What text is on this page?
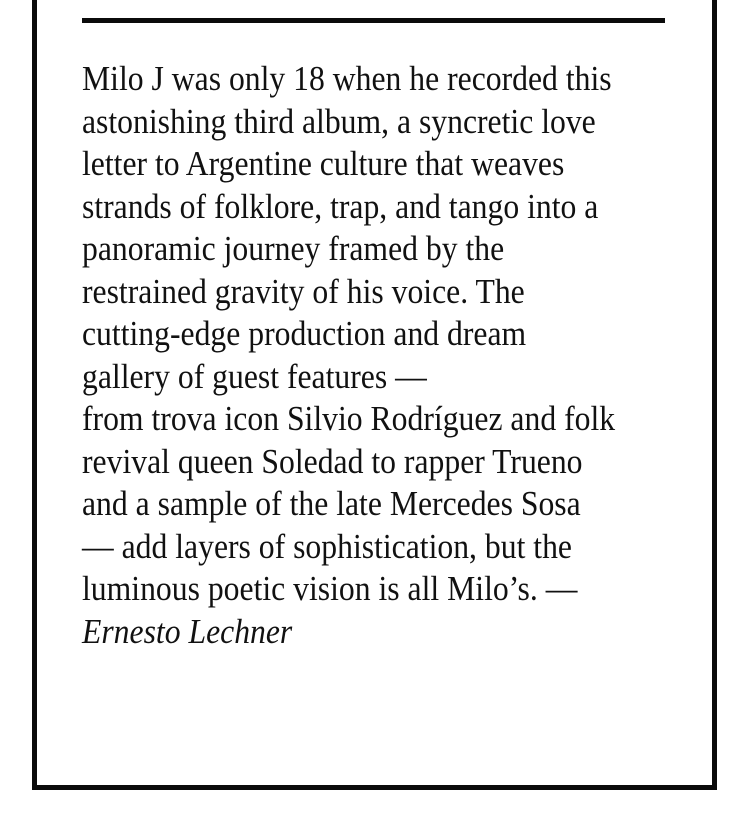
Milo J was only 18 when he recorded this
astonishing third album, a syncretic love
letter to Argentine culture that weaves
strands of folklore, trap, and tango into a
panoramic journey framed by the
restrained gravity of his voice. The
cutting-edge production and dream
gallery of guest features —
from trova icon Silvio Rodríguez and folk
revival queen Soledad to rapper Trueno
and a sample of the late Mercedes Sosa
— add layers of sophistication, but the
luminous poetic vision is all Milo’s. —
Ernesto Lechner
